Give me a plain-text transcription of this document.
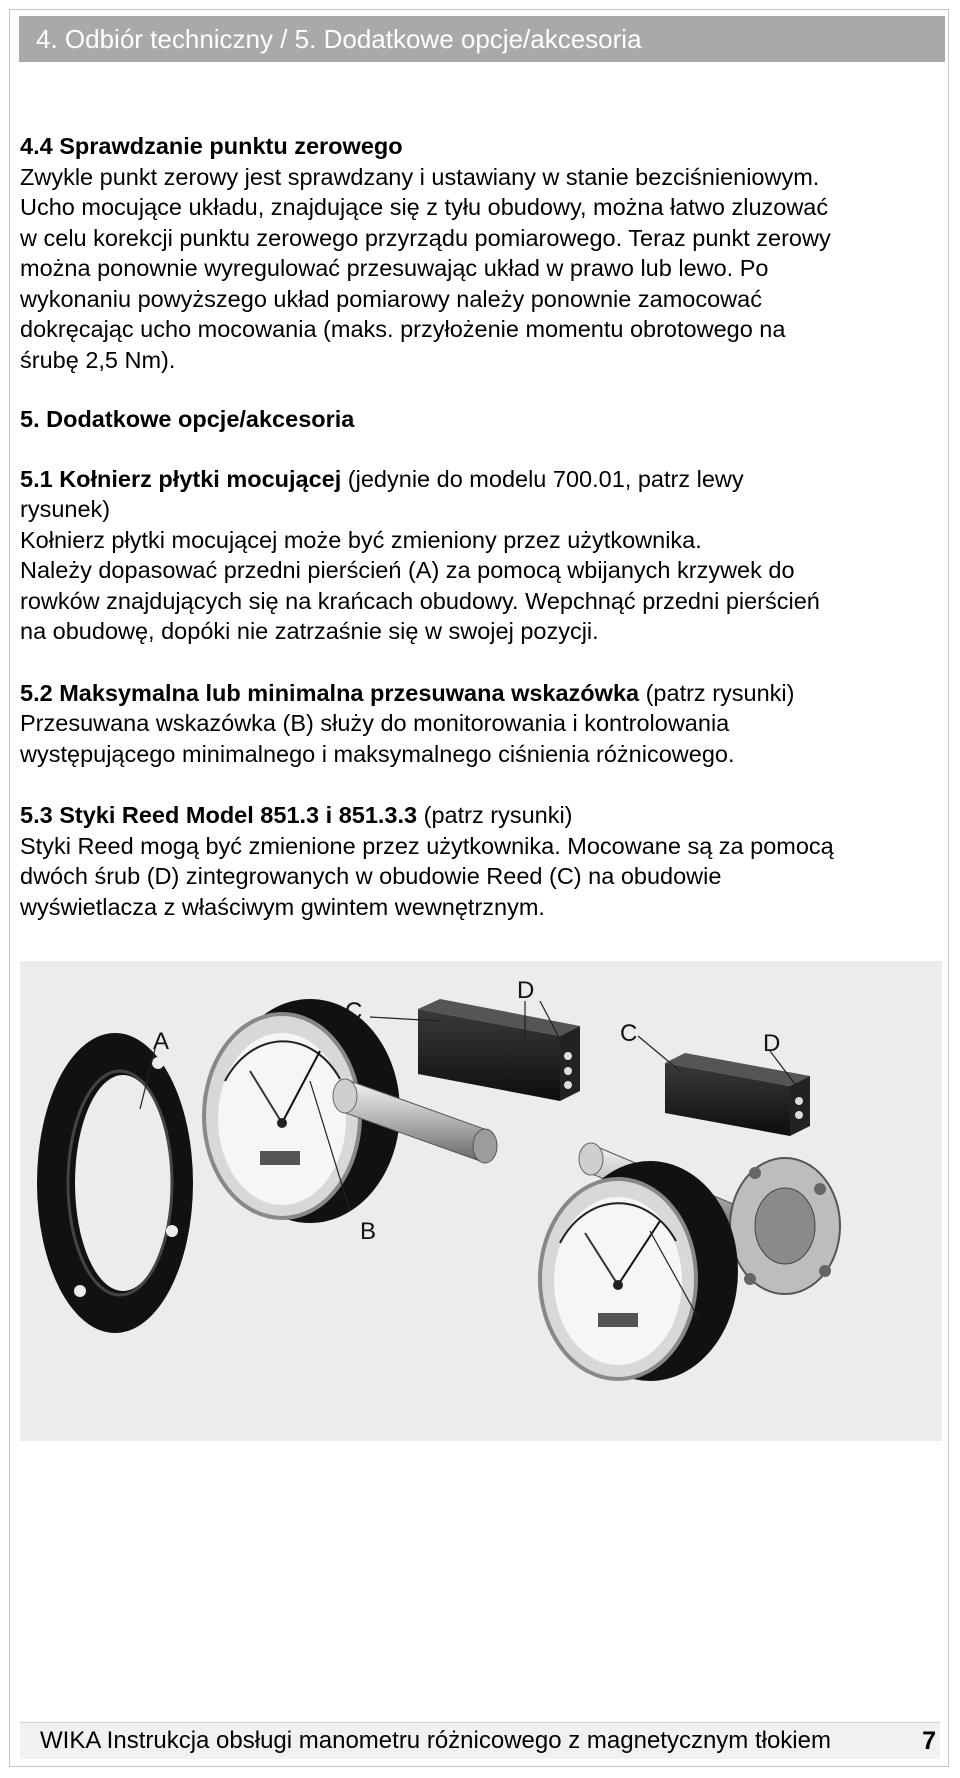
4. Odbiór techniczny / 5. Dodatkowe opcje/akcesoria
4.4 Sprawdzanie punktu zerowego

Zwykle punkt zerowy jest sprawdzany i ustawiany w stanie bezciśnieniowym.

Ucho mocujące układu, znajdujące się z tyłu obudowy, można łatwo zluzować

w celu korekcji punktu zerowego przyrządu pomiarowego. Teraz punkt zerowy

można ponownie wyregulować przesuwając układ w prawo lub lewo. Po

wykonaniu powyższego układ pomiarowy należy ponownie zamocować

dokręcając ucho mocowania (maks. przyłożenie momentu obrotowego na

śrubę 2,5 Nm).

5. Dodatkowe opcje/akcesoria

5.1 Kołnierz płytki mocującej (jedynie do modelu 700.01, patrz lewy

rysunek)

Kołnierz płytki mocującej może być zmieniony przez użytkownika.

Należy dopasować przedni pierścień (A) za pomocą wbijanych krzywek do

rowków znajdujących się na krańcach obudowy. Wepchnąć przedni pierścień

na obudowę, dopóki nie zatrzaśnie się w swojej pozycji.

5.2 Maksymalna lub minimalna przesuwana wskazówka (patrz rysunki)

Przesuwana wskazówka (B) służy do monitorowania i kontrolowania

występującego minimalnego i maksymalnego ciśnienia różnicowego.

5.3 Styki Reed Model 851.3 i 851.3.3 (patrz rysunki)

Styki Reed mogą być zmienione przez użytkownika. Mocowane są za pomocą

dwóch śrub (D) zintegrowanych w obudowie Reed (C) na obudowie

wyświetlacza z właściwym gwintem wewnętrznym.

A
C
D
C	D
B
B
WIKA Instrukcja obsługi manometru różnicowego z magnetycznym tłokiem	7
